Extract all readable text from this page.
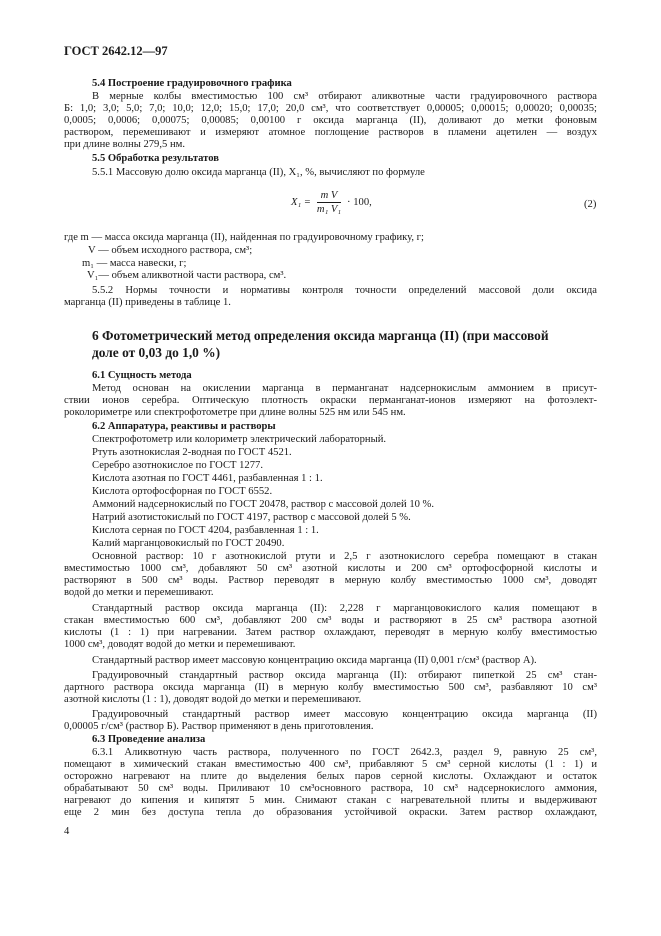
ГОСТ 2642.12—97
5.4 Построение градуировочного графика
В мерные колбы вместимостью 100 см³ отбирают аликвотные части градуировочного раствора
Б: 1,0; 3,0; 5,0; 7,0; 10,0; 12,0; 15,0; 17,0; 20,0 см³, что соответствует 0,00005; 0,00015; 0,00020; 0,00035;
0,0005; 0,0006; 0,00075; 0,00085; 0,00100 г оксида марганца (II), доливают до метки фоновым
раствором, перемешивают и измеряют атомное поглощение растворов в пламени ацетилен — воздух
при длине волны 279,5 нм.
5.5 Обработка результатов
5.5.1 Массовую долю оксида марганца (II), X₁, %, вычисляют по формуле
$X_1 = \frac{\text{m V}}{\text{m₁ V₁}} \cdot 100$,	(2)
где m — масса оксида марганца (II), найденная по градуировочному графику, г;
V — объем исходного раствора, см³;
m₁ — масса навески, г;
V₁— объем аликвотной части раствора, см³.
5.5.2 Нормы точности и нормативы контроля точности определений массовой доли оксида
марганца (II) приведены в таблице 1.
6 Фотометрический метод определения оксида марганца (II) (при массовой
доле от 0,03 до 1,0 %)
6.1 Сущность метода
Метод основан на окислении марганца в перманганат надсернокислым аммонием в присут-
ствии ионов серебра. Оптическую плотность окраски перманганат-ионов измеряют на фотоэлект-
роколориметре или спектрофотометре при длине волны 525 нм или 545 нм.
6.2 Аппаратура, реактивы и растворы
Спектрофотометр или колориметр электрический лабораторный.
Ртуть азотнокислая 2-водная по ГОСТ 4521.
Серебро азотнокислое по ГОСТ 1277.
Кислота азотная по ГОСТ 4461, разбавленная 1 : 1.
Кислота ортофосфорная по ГОСТ 6552.
Аммоний надсернокислый по ГОСТ 20478, раствор с массовой долей 10 %.
Натрий азотистокислый по ГОСТ 4197, раствор с массовой долей 5 %.
Кислота серная по ГОСТ 4204, разбавленная 1 : 1.
Калий марганцовокислый по ГОСТ 20490.
Основной раствор: 10 г азотнокислой ртути и 2,5 г азотнокислого серебра помещают в стакан
вместимостью 1000 см³, добавляют 50 см³ азотной кислоты и 200 см³ ортофосфорной кислоты и
растворяют в 500 см³ воды. Раствор переводят в мерную колбу вместимостью 1000 см³, доводят
водой до метки и перемешивают.
Стандартный раствор оксида марганца (II): 2,228 г марганцовокислого калия помещают в
стакан вместимостью 600 см³, добавляют 200 см³ воды и растворяют в 25 см³ раствора азотной
кислоты (1 : 1) при нагревании. Затем раствор охлаждают, переводят в мерную колбу вместимостью
1000 см³, доводят водой до метки и перемешивают.
Стандартный раствор имеет массовую концентрацию оксида марганца (II) 0,001 г/см³ (раствор А).
Градуировочный стандартный раствор оксида марганца (II): отбирают пипеткой 25 см³ стан-
дартного раствора оксида марганца (II) в мерную колбу вместимостью 500 см³, разбавляют 10 см³
азотной кислоты (1 : 1), доводят водой до метки и перемешивают.
Градуировочный стандартный раствор имеет массовую концентрацию оксида марганца (II)
0,00005 г/см³ (раствор Б). Раствор применяют в день приготовления.
6.3 Проведение анализа
6.3.1 Аликвотную часть раствора, полученного по ГОСТ 2642.3, раздел 9, равную 25 см³,
помещают в химический стакан вместимостью 400 см³, прибавляют 5 см³ серной кислоты (1 : 1) и
осторожно нагревают на плите до выделения белых паров серной кислоты. Охлаждают и остаток
обрабатывают 50 см³ воды. Приливают 10 см³основного раствора, 10 см³ надсернокислого аммония,
нагревают до кипения и кипятят 5 мин. Снимают стакан с нагревательной плиты и выдерживают
еще 2 мин без доступа тепла до образования устойчивой окраски. Затем раствор охлаждают,
4
